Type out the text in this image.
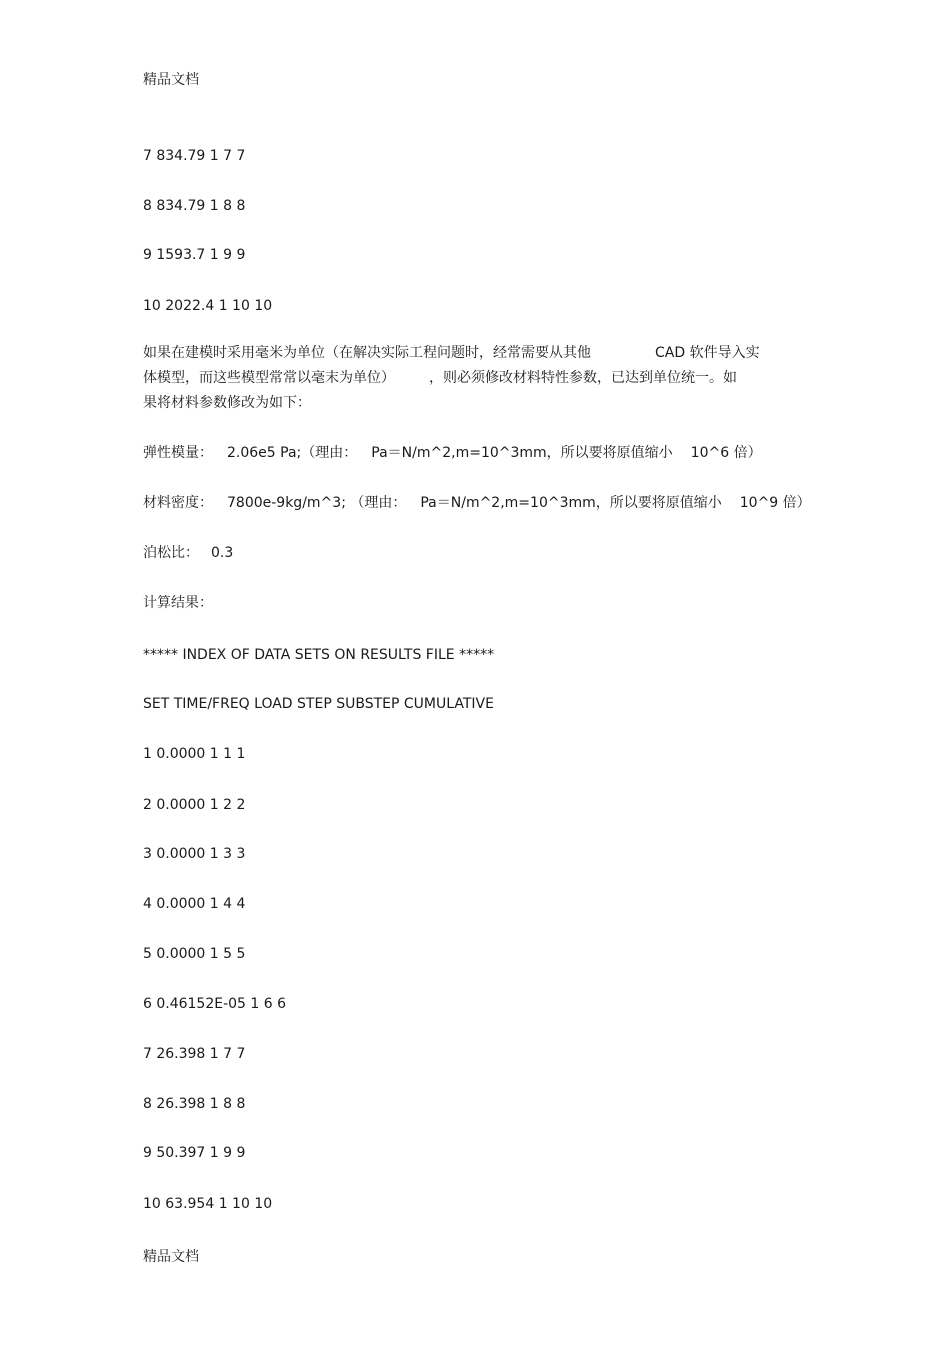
精品文档
7 834.79 1 7 7
8 834.79 1 8 8
9 1593.7 1 9 9
10 2022.4 1 10 10
如果在建模时采用毫米为单位（在解决实际工程问题时，经常需要从其他	CAD 软件导入实
体模型，而这些模型常常以毫末为单位） ，则必须修改材料特性参数，已达到单位统一。如
果将材料参数修改为如下：
弹性模量： 2.06e5 Pa;（理由： Pa＝N/m^2,m=10^3mm，所以要将原值缩小 10^6 倍）
材料密度： 7800e-9kg/m^3; （理由： Pa＝N/m^2,m=10^3mm，所以要将原值缩小 10^9 倍）
泊松比： 0.3
计算结果：
***** INDEX OF DATA SETS ON RESULTS FILE *****
SET TIME/FREQ LOAD STEP SUBSTEP CUMULATIVE
1 0.0000 1 1 1
2 0.0000 1 2 2
3 0.0000 1 3 3
4 0.0000 1 4 4
5 0.0000 1 5 5
6 0.46152E-05 1 6 6
7 26.398 1 7 7
8 26.398 1 8 8
9 50.397 1 9 9
10 63.954 1 10 10
精品文档
